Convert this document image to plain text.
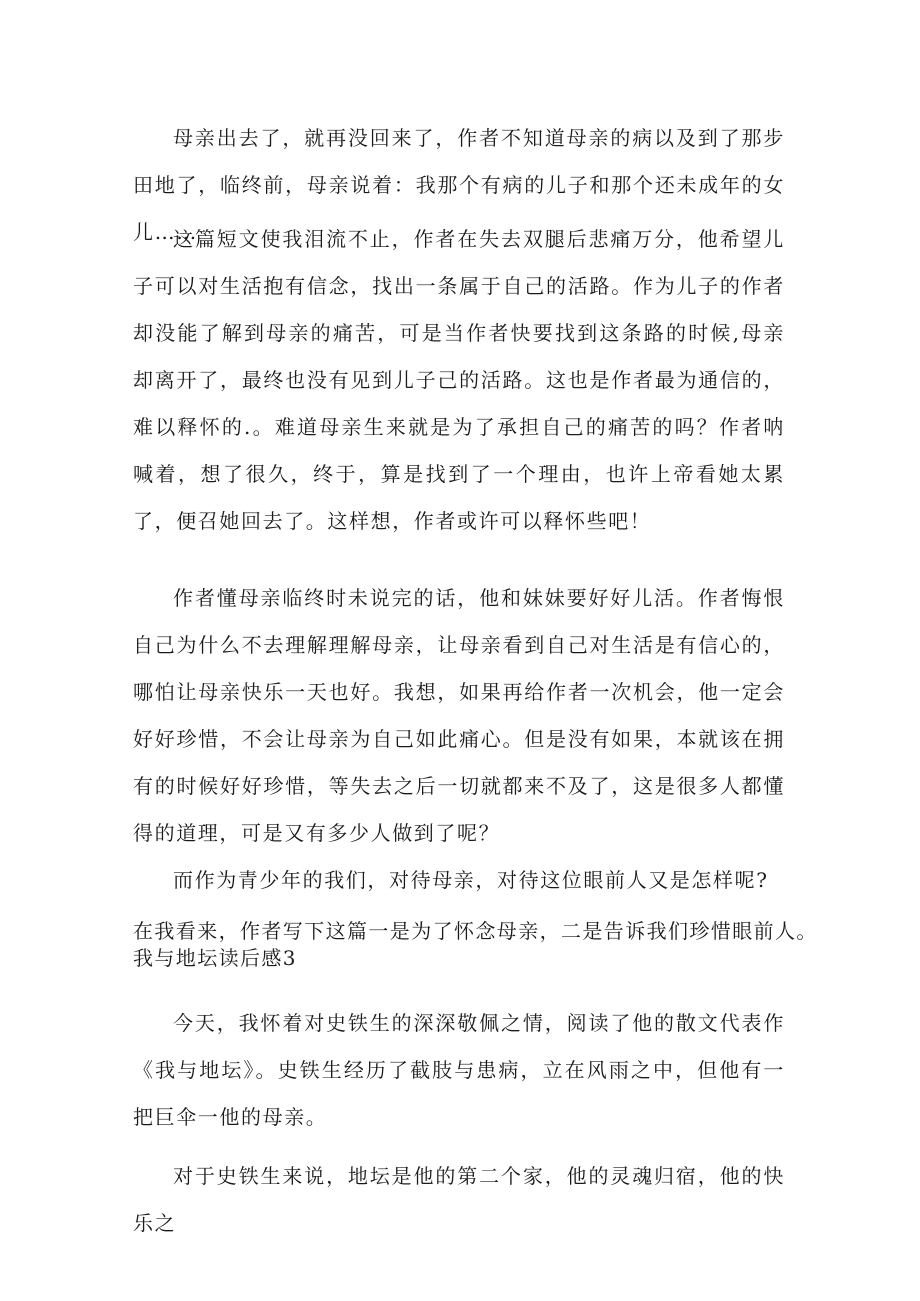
母亲出去了，就再没回来了，作者不知道母亲的病以及到了那步田地了，临终前，母亲说着：我那个有病的儿子和那个还未成年的女儿……

这篇短文使我泪流不止，作者在失去双腿后悲痛万分，他希望儿子可以对生活抱有信念，找出一条属于自己的活路。作为儿子的作者却没能了解到母亲的痛苦，可是当作者快要找到这条路的时候,母亲却离开了，最终也没有见到儿子己的活路。这也是作者最为通信的，难以释怀的.。难道母亲生来就是为了承担自己的痛苦的吗？作者呐喊着，想了很久，终于，算是找到了一个理由，也许上帝看她太累了，便召她回去了。这样想，作者或许可以释怀些吧！

作者懂母亲临终时未说完的话，他和妹妹要好好儿活。作者悔恨自己为什么不去理解理解母亲，让母亲看到自己对生活是有信心的，哪怕让母亲快乐一天也好。我想，如果再给作者一次机会，他一定会好好珍惜，不会让母亲为自己如此痛心。但是没有如果，本就该在拥有的时候好好珍惜，等失去之后一切就都来不及了，这是很多人都懂得的道理，可是又有多少人做到了呢？

而作为青少年的我们，对待母亲，对待这位眼前人又是怎样呢?

在我看来，作者写下这篇一是为了怀念母亲，二是告诉我们珍惜眼前人。

我与地坛读后感3

今天，我怀着对史铁生的深深敬佩之情，阅读了他的散文代表作《我与地坛》。史铁生经历了截肢与患病，立在风雨之中，但他有一把巨伞一他的母亲。

对于史铁生来说，地坛是他的第二个家，他的灵魂归宿，他的快乐之
